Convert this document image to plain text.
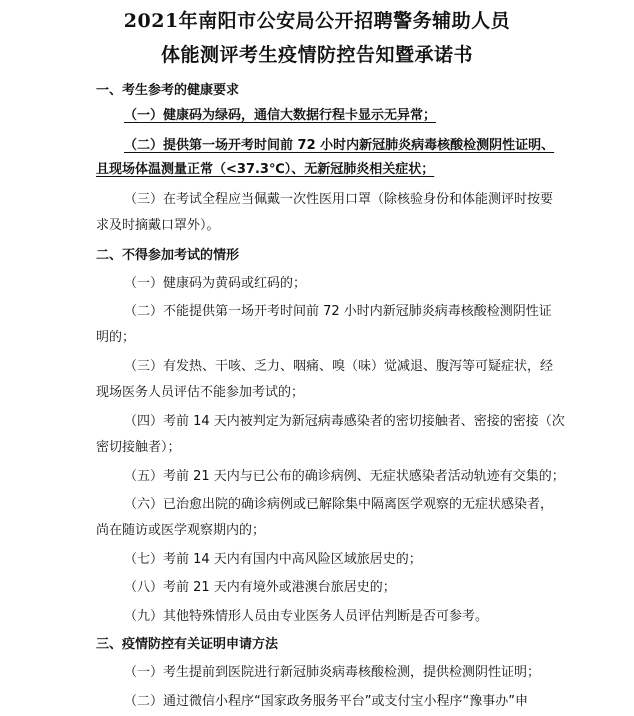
2021年南阳市公安局公开招聘警务辅助人员
体能测评考生疫情防控告知暨承诺书
一、考生参考的健康要求
（一）健康码为绿码，通信大数据行程卡显示无异常；
（二）提供第一场开考时间前 72 小时内新冠肺炎病毒核酸检测阴性证明、
且现场体温测量正常（<37.3℃）、无新冠肺炎相关症状；
（三）在考试全程应当佩戴一次性医用口罩（除核验身份和体能测评时按要
求及时摘戴口罩外）。
二、不得参加考试的情形
（一）健康码为黄码或红码的；
（二）不能提供第一场开考时间前 72 小时内新冠肺炎病毒核酸检测阴性证
明的；
（三）有发热、干咳、乏力、咽痛、嗅（味）觉减退、腹泻等可疑症状，经
现场医务人员评估不能参加考试的；
（四）考前 14 天内被判定为新冠病毒感染者的密切接触者、密接的密接（次
密切接触者）；
（五）考前 21 天内与已公布的确诊病例、无症状感染者活动轨迹有交集的；
（六）已治愈出院的确诊病例或已解除集中隔离医学观察的无症状感染者，
尚在随访或医学观察期内的；
（七）考前 14 天内有国内中高风险区域旅居史的；
（八）考前 21 天内有境外或港澳台旅居史的；
（九）其他特殊情形人员由专业医务人员评估判断是否可参考。
三、疫情防控有关证明申请方法
（一）考生提前到医院进行新冠肺炎病毒核酸检测，提供检测阴性证明；
（二）通过微信小程序“国家政务服务平台”或支付宝小程序“豫事办”申
